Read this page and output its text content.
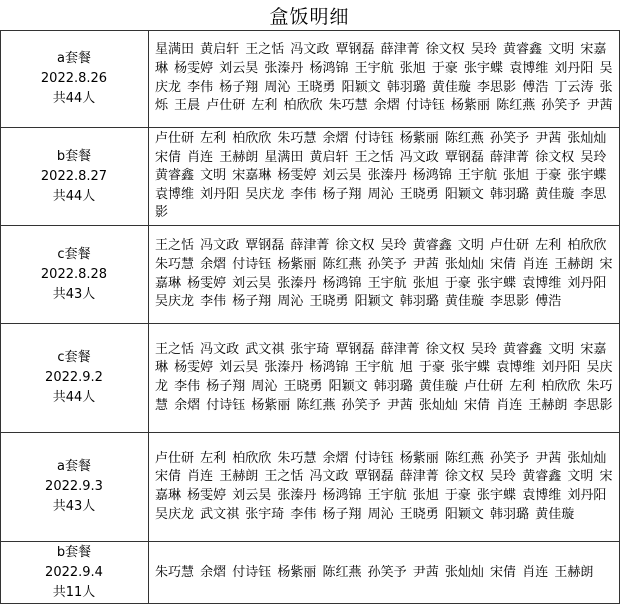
盒饭明细
a套餐
2022.8.26
共44人
星满田 黄启轩 王之恬 冯文政 覃钢磊 薛津菁 徐文权 吴玲 黄睿鑫 文明 宋嘉琳 杨雯婷 刘云昊 张溱丹 杨鸿锦 王宇航 张旭 于豪 张宇蝶 袁博维 刘丹阳 吴庆龙 李伟 杨子翔 周沁 王晓勇 阳颖文 韩羽璐 黄佳璇 李思影 傅浩 丁云涛 张烁 王晨 卢仕研 左利 柏欣欣 朱巧慧 余熠 付诗钰 杨紫丽 陈红燕 孙笑予 尹茜
b套餐
2022.8.27
共44人
卢仕研 左利 柏欣欣 朱巧慧 余熠 付诗钰 杨紫丽 陈红燕 孙笑予 尹茜 张灿灿 宋倩 肖连 王赫朗 星满田 黄启轩 王之恬 冯文政 覃钢磊 薛津菁 徐文权 吴玲 黄睿鑫 文明 宋嘉琳 杨雯婷 刘云昊 张溱丹 杨鸿锦 王宇航 张旭 于豪 张宇蝶 袁博维 刘丹阳 吴庆龙 李伟 杨子翔 周沁 王晓勇 阳颖文 韩羽璐 黄佳璇 李思影
c套餐
2022.8.28
共43人
王之恬 冯文政 覃钢磊 薛津菁 徐文权 吴玲 黄睿鑫 文明 卢仕研 左利 柏欣欣 朱巧慧 余熠 付诗钰 杨紫丽 陈红燕 孙笑予 尹茜 张灿灿 宋倩 肖连 王赫朗 宋嘉琳 杨雯婷 刘云昊 张溱丹 杨鸿锦 王宇航 张旭 于豪 张宇蝶 袁博维 刘丹阳 吴庆龙 李伟 杨子翔 周沁 王晓勇 阳颖文 韩羽璐 黄佳璇 李思影 傅浩
c套餐
2022.9.2
共44人
王之恬 冯文政 武文祺 张宇琦 覃钢磊 薛津菁 徐文权 吴玲 黄睿鑫 文明 宋嘉琳 杨雯婷 刘云昊 张溱丹 杨鸿锦 王宇航 旭 于豪 张宇蝶 袁博维 刘丹阳 吴庆龙 李伟 杨子翔 周沁 王晓勇 阳颖文 韩羽璐 黄佳璇 卢仕研 左利 柏欣欣 朱巧慧 余熠 付诗钰 杨紫丽 陈红燕 孙笑予 尹茜 张灿灿 宋倩 肖连 王赫朗 李思影
a套餐
2022.9.3
共43人
卢仕研 左利 柏欣欣 朱巧慧 余熠 付诗钰 杨紫丽 陈红燕 孙笑予 尹茜 张灿灿 宋倩 肖连 王赫朗 王之恬 冯文政 覃钢磊 薛津菁 徐文权 吴玲 黄睿鑫 文明 宋嘉琳 杨雯婷 刘云昊 张溱丹 杨鸿锦 王宇航 张旭 于豪 张宇蝶 袁博维 刘丹阳 吴庆龙 武文祺 张宇琦 李伟 杨子翔 周沁 王晓勇 阳颖文 韩羽璐 黄佳璇
b套餐
2022.9.4
共11人
朱巧慧 余熠 付诗钰 杨紫丽 陈红燕 孙笑予 尹茜 张灿灿 宋倩 肖连 王赫朗
